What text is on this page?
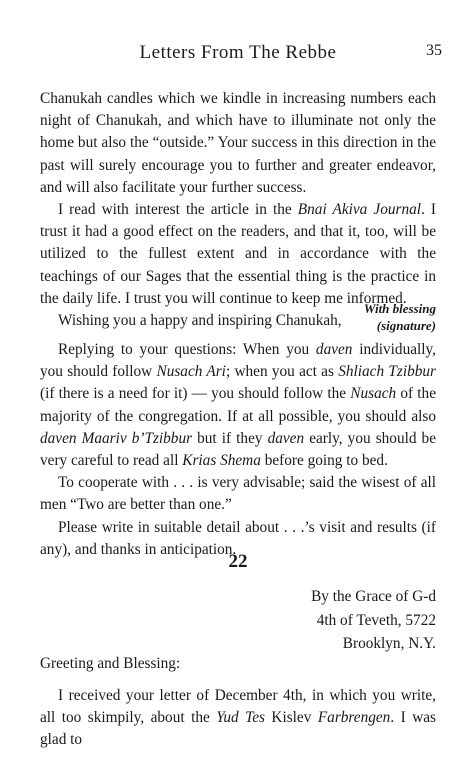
Letters From The Rebbe	35

Chanukah candles which we kindle in increasing numbers each night of Chanukah, and which have to illuminate not only the home but also the “outside.” Your success in this direction in the past will surely encourage you to further and greater endeavor, and will also facilitate your further success.

I read with interest the article in the Bnai Akiva Journal. I trust it had a good effect on the readers, and that it, too, will be utilized to the fullest extent and in accordance with the teachings of our Sages that the essential thing is the practice in the daily life. I trust you will continue to keep me informed.

Wishing you a happy and inspiring Chanukah,

With blessing
(signature)

Replying to your questions: When you daven individually, you should follow Nusach Ari; when you act as Shliach Tzibbur (if there is a need for it) — you should follow the Nusach of the majority of the congregation. If at all possible, you should also daven Maariv b’Tzibbur but if they daven early, you should be very careful to read all Krias Shema before going to bed.

To cooperate with . . . is very advisable; said the wisest of all men “Two are better than one.”

Please write in suitable detail about . . .’s visit and results (if any), and thanks in anticipation.

22
By the Grace of G-d
4th of Teveth, 5722
Brooklyn, N.Y.
Greeting and Blessing:

I received your letter of December 4th, in which you write, all too skimpily, about the Yud Tes Kislev Farbrengen. I was glad to
